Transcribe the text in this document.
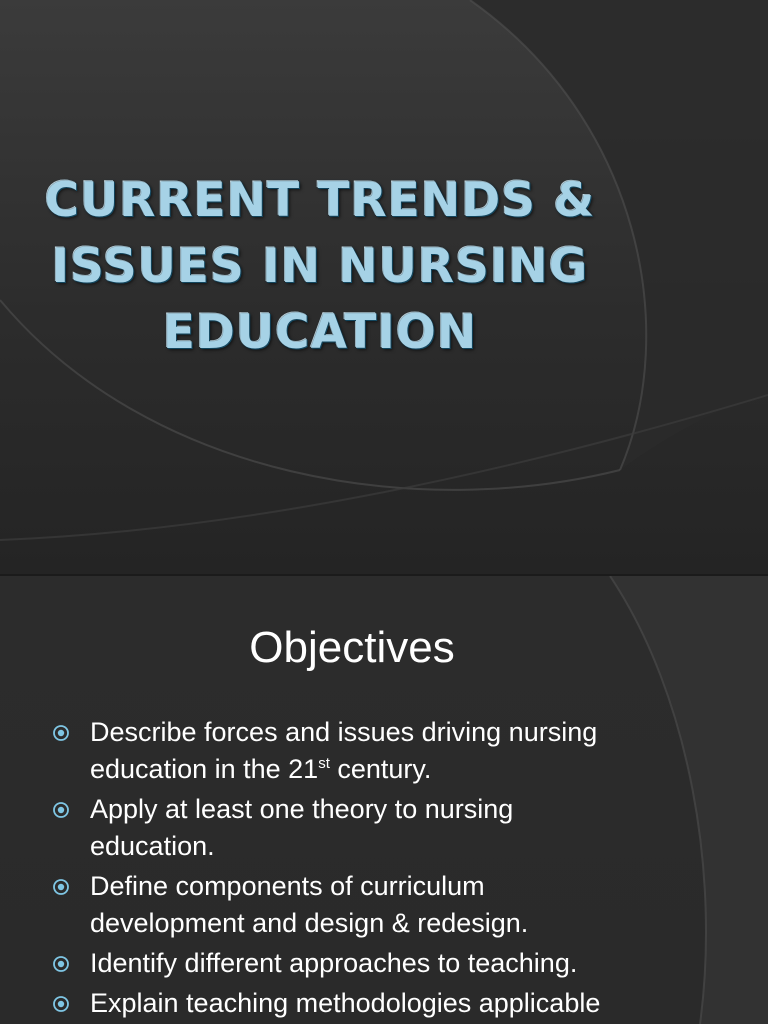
CURRENT TRENDS &
ISSUES IN NURSING
EDUCATION
Objectives
Describe forces and issues driving nursing
education in the 21st century.
Apply at least one theory to nursing
education.
Define components of curriculum
development and design & redesign.
Identify different approaches to teaching.
Explain teaching methodologies applicable
